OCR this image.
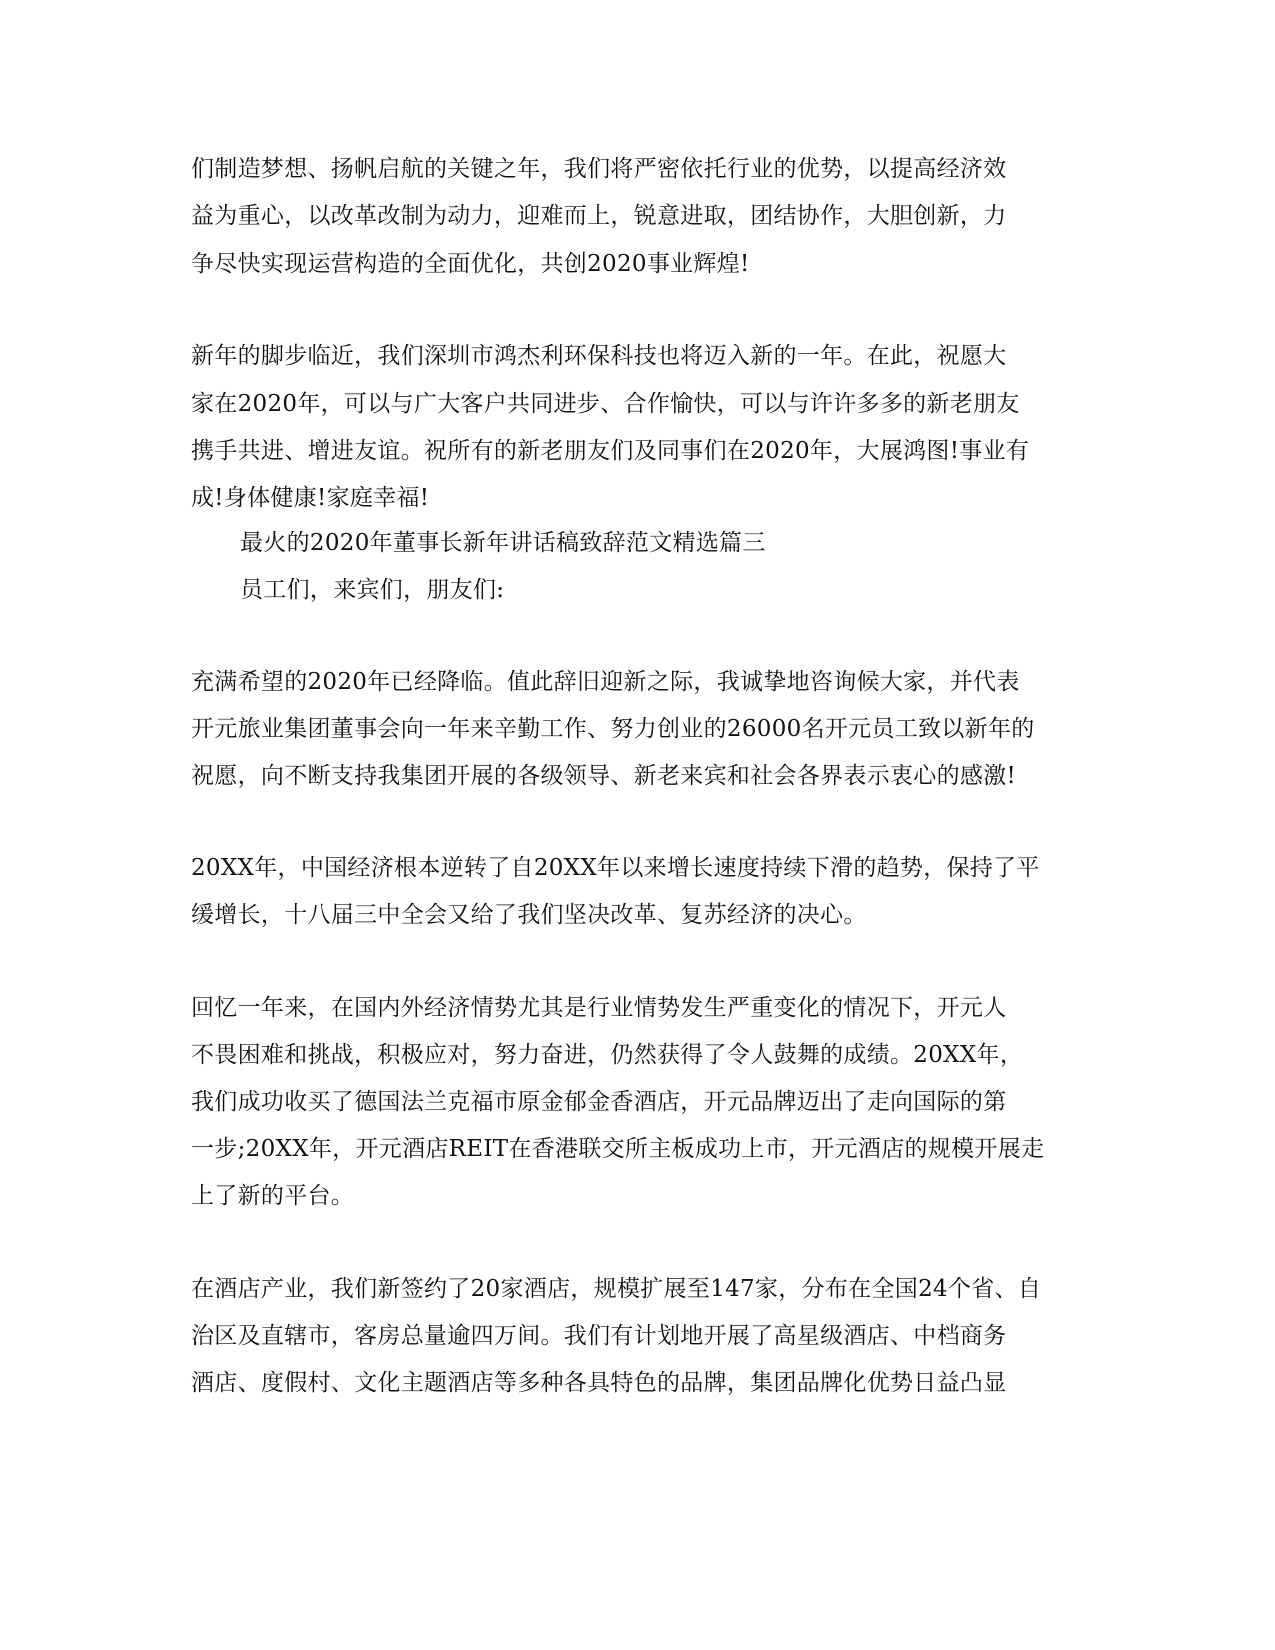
们制造梦想、扬帆启航的关键之年，我们将严密依托行业的优势，以提高经济效
益为重心，以改革改制为动力，迎难而上，锐意进取，团结协作，大胆创新，力
争尽快实现运营构造的全面优化，共创2020事业辉煌!
新年的脚步临近，我们深圳市鸿杰利环保科技也将迈入新的一年。在此，祝愿大
家在2020年，可以与广大客户共同进步、合作愉快，可以与许许多多的新老朋友
携手共进、增进友谊。祝所有的新老朋友们及同事们在2020年，大展鸿图!事业有
成!身体健康!家庭幸福!
最火的2020年董事长新年讲话稿致辞范文精选篇三
员工们，来宾们，朋友们:
充满希望的2020年已经降临。值此辞旧迎新之际，我诚挚地咨询候大家，并代表
开元旅业集团董事会向一年来辛勤工作、努力创业的26000名开元员工致以新年的
祝愿，向不断支持我集团开展的各级领导、新老来宾和社会各界表示衷心的感激!
20XX年，中国经济根本逆转了自20XX年以来增长速度持续下滑的趋势，保持了平
缓增长，十八届三中全会又给了我们坚决改革、复苏经济的决心。
回忆一年来，在国内外经济情势尤其是行业情势发生严重变化的情况下，开元人
不畏困难和挑战，积极应对，努力奋进，仍然获得了令人鼓舞的成绩。20XX年，
我们成功收买了德国法兰克福市原金郁金香酒店，开元品牌迈出了走向国际的第
一步;20XX年，开元酒店REIT在香港联交所主板成功上市，开元酒店的规模开展走
上了新的平台。
在酒店产业，我们新签约了20家酒店，规模扩展至147家，分布在全国24个省、自
治区及直辖市，客房总量逾四万间。我们有计划地开展了高星级酒店、中档商务
酒店、度假村、文化主题酒店等多种各具特色的品牌，集团品牌化优势日益凸显
